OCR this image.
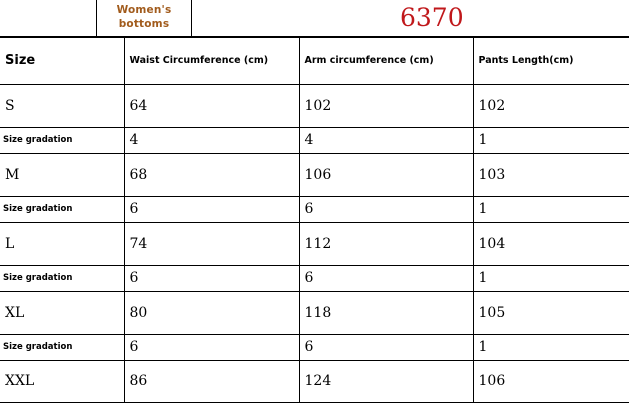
Women's bottoms	6370
Size	Waist Circumference (cm)	Arm circumference (cm)	Pants Length(cm)
S	64	102	102
Size gradation	4	4	1
M	68	106	103
Size gradation	6	6	1
L	74	112	104
Size gradation	6	6	1
XL	80	118	105
Size gradation	6	6	1
XXL	86	124	106
